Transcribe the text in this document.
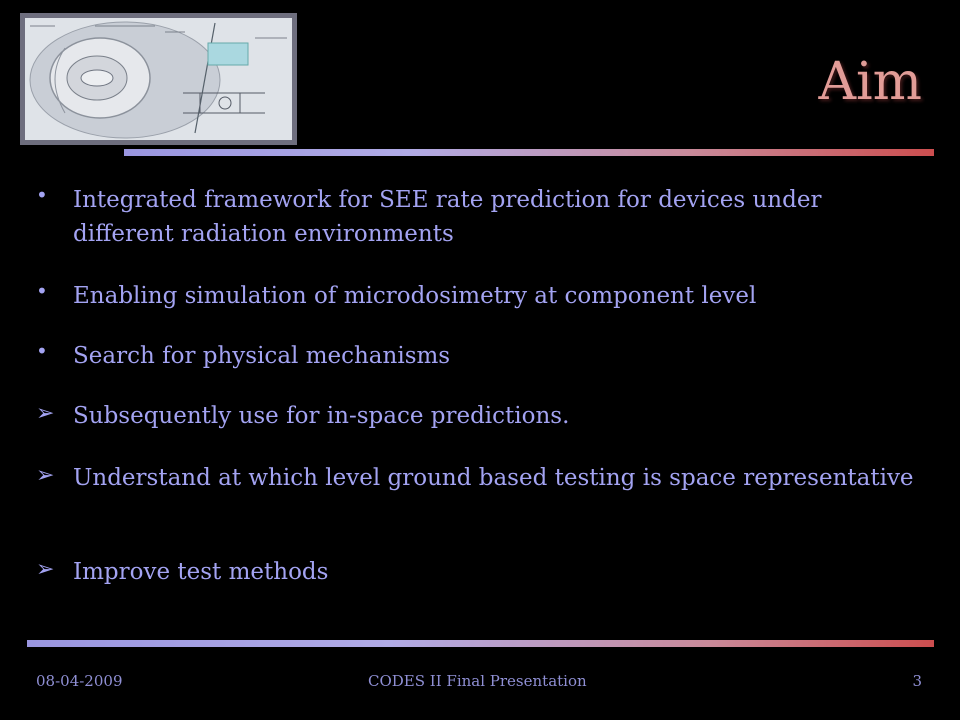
Aim
•	Integrated framework for SEE rate prediction for devices under different radiation environments
•	Enabling simulation of microdosimetry at component level
•	Search for physical mechanisms
➢ Subsequently use for in-space predictions.
➢ Understand at which level ground based testing is space representative
➢ Improve test methods
08-04-2009	CODES II Final Presentation	3
